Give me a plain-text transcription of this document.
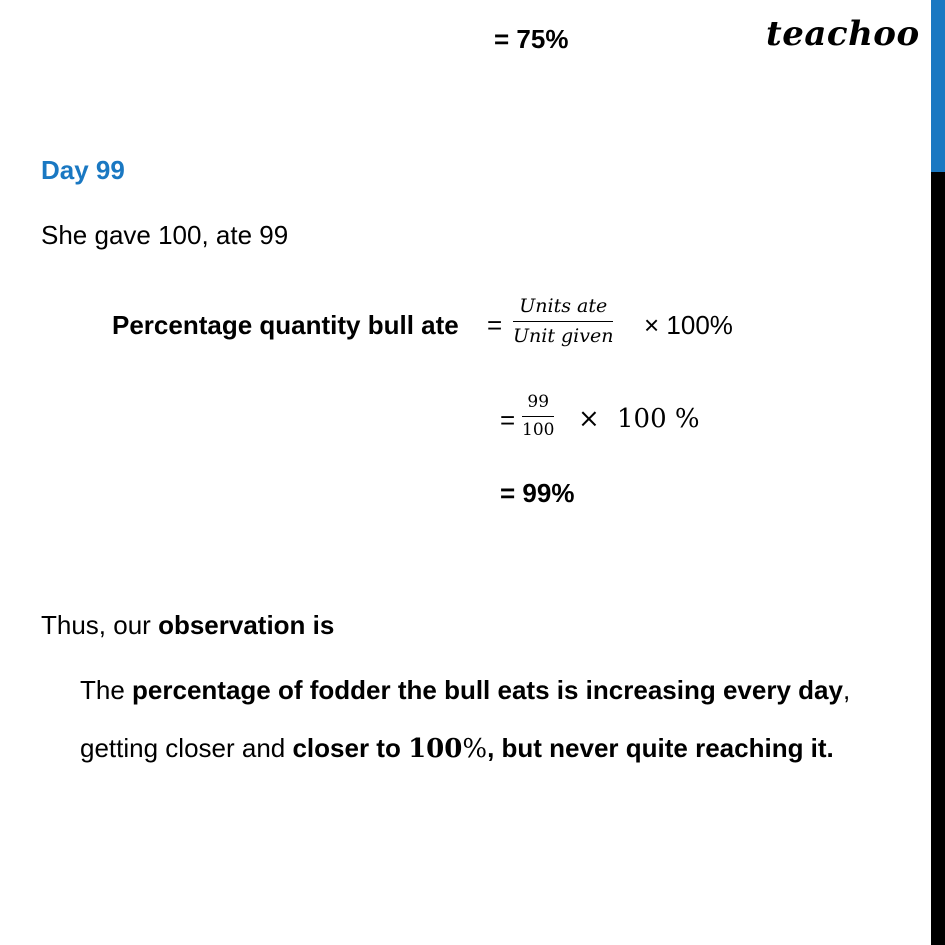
teachoo
= 75%
Day 99
She gave 100, ate 99
Percentage quantity bull ate =
Units ate
Unit given × 100%
=
99
100 × 100 %
= 99%
Thus, our observation is
The percentage of fodder the bull eats is increasing every day,
getting closer and closer to 100%, but never quite reaching it.
